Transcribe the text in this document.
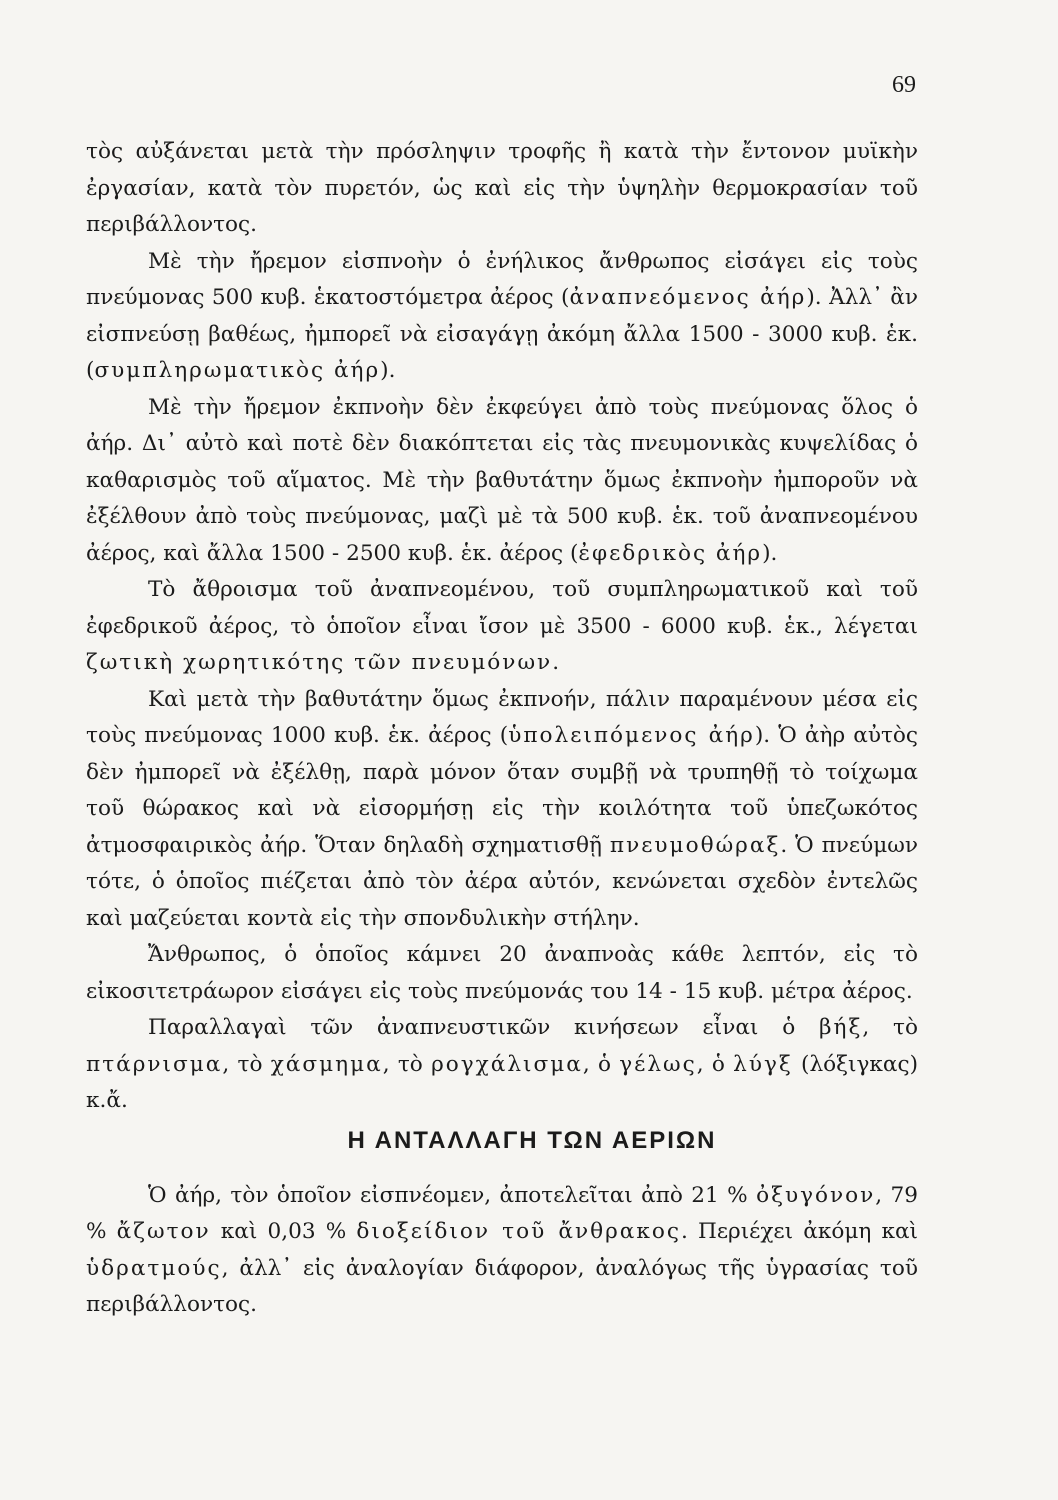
69

τὸς αὐξάνεται μετὰ τὴν πρόσληψιν τροφῆς ἢ κατὰ τὴν ἔντονον μυϊκὴν ἐργασίαν, κατὰ τὸν πυρετόν, ὡς καὶ εἰς τὴν ὑψηλὴν θερμοκρασίαν τοῦ περιβάλλοντος.

Μὲ τὴν ἤρεμον εἰσπνοὴν ὁ ἐνήλικος ἄνθρωπος εἰσάγει εἰς τοὺς πνεύμονας 500 κυβ. ἑκατοστόμετρα ἀέρος (ἀναπνεόμενος ἀήρ). Ἀλλ᾿ ἂν εἰσπνεύσῃ βαθέως, ἠμπορεῖ νὰ εἰσαγάγῃ ἀκόμη ἄλλα 1500 - 3000 κυβ. ἑκ. (συμπληρωματικὸς ἀήρ).

Μὲ τὴν ἤρεμον ἐκπνοὴν δὲν ἐκφεύγει ἀπὸ τοὺς πνεύμονας ὅλος ὁ ἀήρ. Δι᾿ αὐτὸ καὶ ποτὲ δὲν διακόπτεται εἰς τὰς πνευμονικὰς κυψελίδας ὁ καθαρισμὸς τοῦ αἵματος. Μὲ τὴν βαθυτάτην ὅμως ἐκπνοὴν ἠμποροῦν νὰ ἐξέλθουν ἀπὸ τοὺς πνεύμονας, μαζὶ μὲ τὰ 500 κυβ. ἑκ. τοῦ ἀναπνεομένου ἀέρος, καὶ ἄλλα 1500 - 2500 κυβ. ἑκ. ἀέρος (ἐφεδρικὸς ἀήρ).

Τὸ ἄθροισμα τοῦ ἀναπνεομένου, τοῦ συμπληρωματικοῦ καὶ τοῦ ἐφεδρικοῦ ἀέρος, τὸ ὁποῖον εἶναι ἴσον μὲ 3500 - 6000 κυβ. ἑκ., λέγεται ζωτικὴ χωρητικότης τῶν πνευμόνων.

Καὶ μετὰ τὴν βαθυτάτην ὅμως ἐκπνοήν, πάλιν παραμένουν μέσα εἰς τοὺς πνεύμονας 1000 κυβ. ἑκ. ἀέρος (ὑπολειπόμενος ἀήρ). Ὁ ἀὴρ αὐτὸς δὲν ἠμπορεῖ νὰ ἐξέλθῃ, παρὰ μόνον ὅταν συμβῇ νὰ τρυπηθῇ τὸ τοίχωμα τοῦ θώρακος καὶ νὰ εἰσορμήσῃ εἰς τὴν κοιλότητα τοῦ ὑπεζωκότος ἀτμοσφαιρικὸς ἀήρ. Ὅταν δηλαδὴ σχηματισθῇ πνευμοθώραξ. Ὁ πνεύμων τότε, ὁ ὁποῖος πιέζεται ἀπὸ τὸν ἀέρα αὐτόν, κενώνεται σχεδὸν ἐντελῶς καὶ μαζεύεται κοντὰ εἰς τὴν σπονδυλικὴν στήλην.

Ἄνθρωπος, ὁ ὁποῖος κάμνει 20 ἀναπνοὰς κάθε λεπτόν, εἰς τὸ εἰκοσιτετράωρον εἰσάγει εἰς τοὺς πνεύμονάς του 14 - 15 κυβ. μέτρα ἀέρος.

Παραλλαγαὶ τῶν ἀναπνευστικῶν κινήσεων εἶναι ὁ βήξ, τὸ πτάρνισμα, τὸ χάσμημα, τὸ ρογχάλισμα, ὁ γέλως, ὁ λύγξ (λόξιγκας) κ.ἄ.

Η ΑΝΤΑΛΛΑΓΗ ΤΩΝ ΑΕΡΙΩΝ

Ὁ ἀήρ, τὸν ὁποῖον εἰσπνέομεν, ἀποτελεῖται ἀπὸ 21 % ὀξυγόνον, 79 % ἄζωτον καὶ 0,03 % διοξείδιον τοῦ ἄνθρακος. Περιέχει ἀκόμη καὶ ὑδρατμούς, ἀλλ᾿ εἰς ἀναλογίαν διάφορον, ἀναλόγως τῆς ὑγρασίας τοῦ περιβάλλοντος.
